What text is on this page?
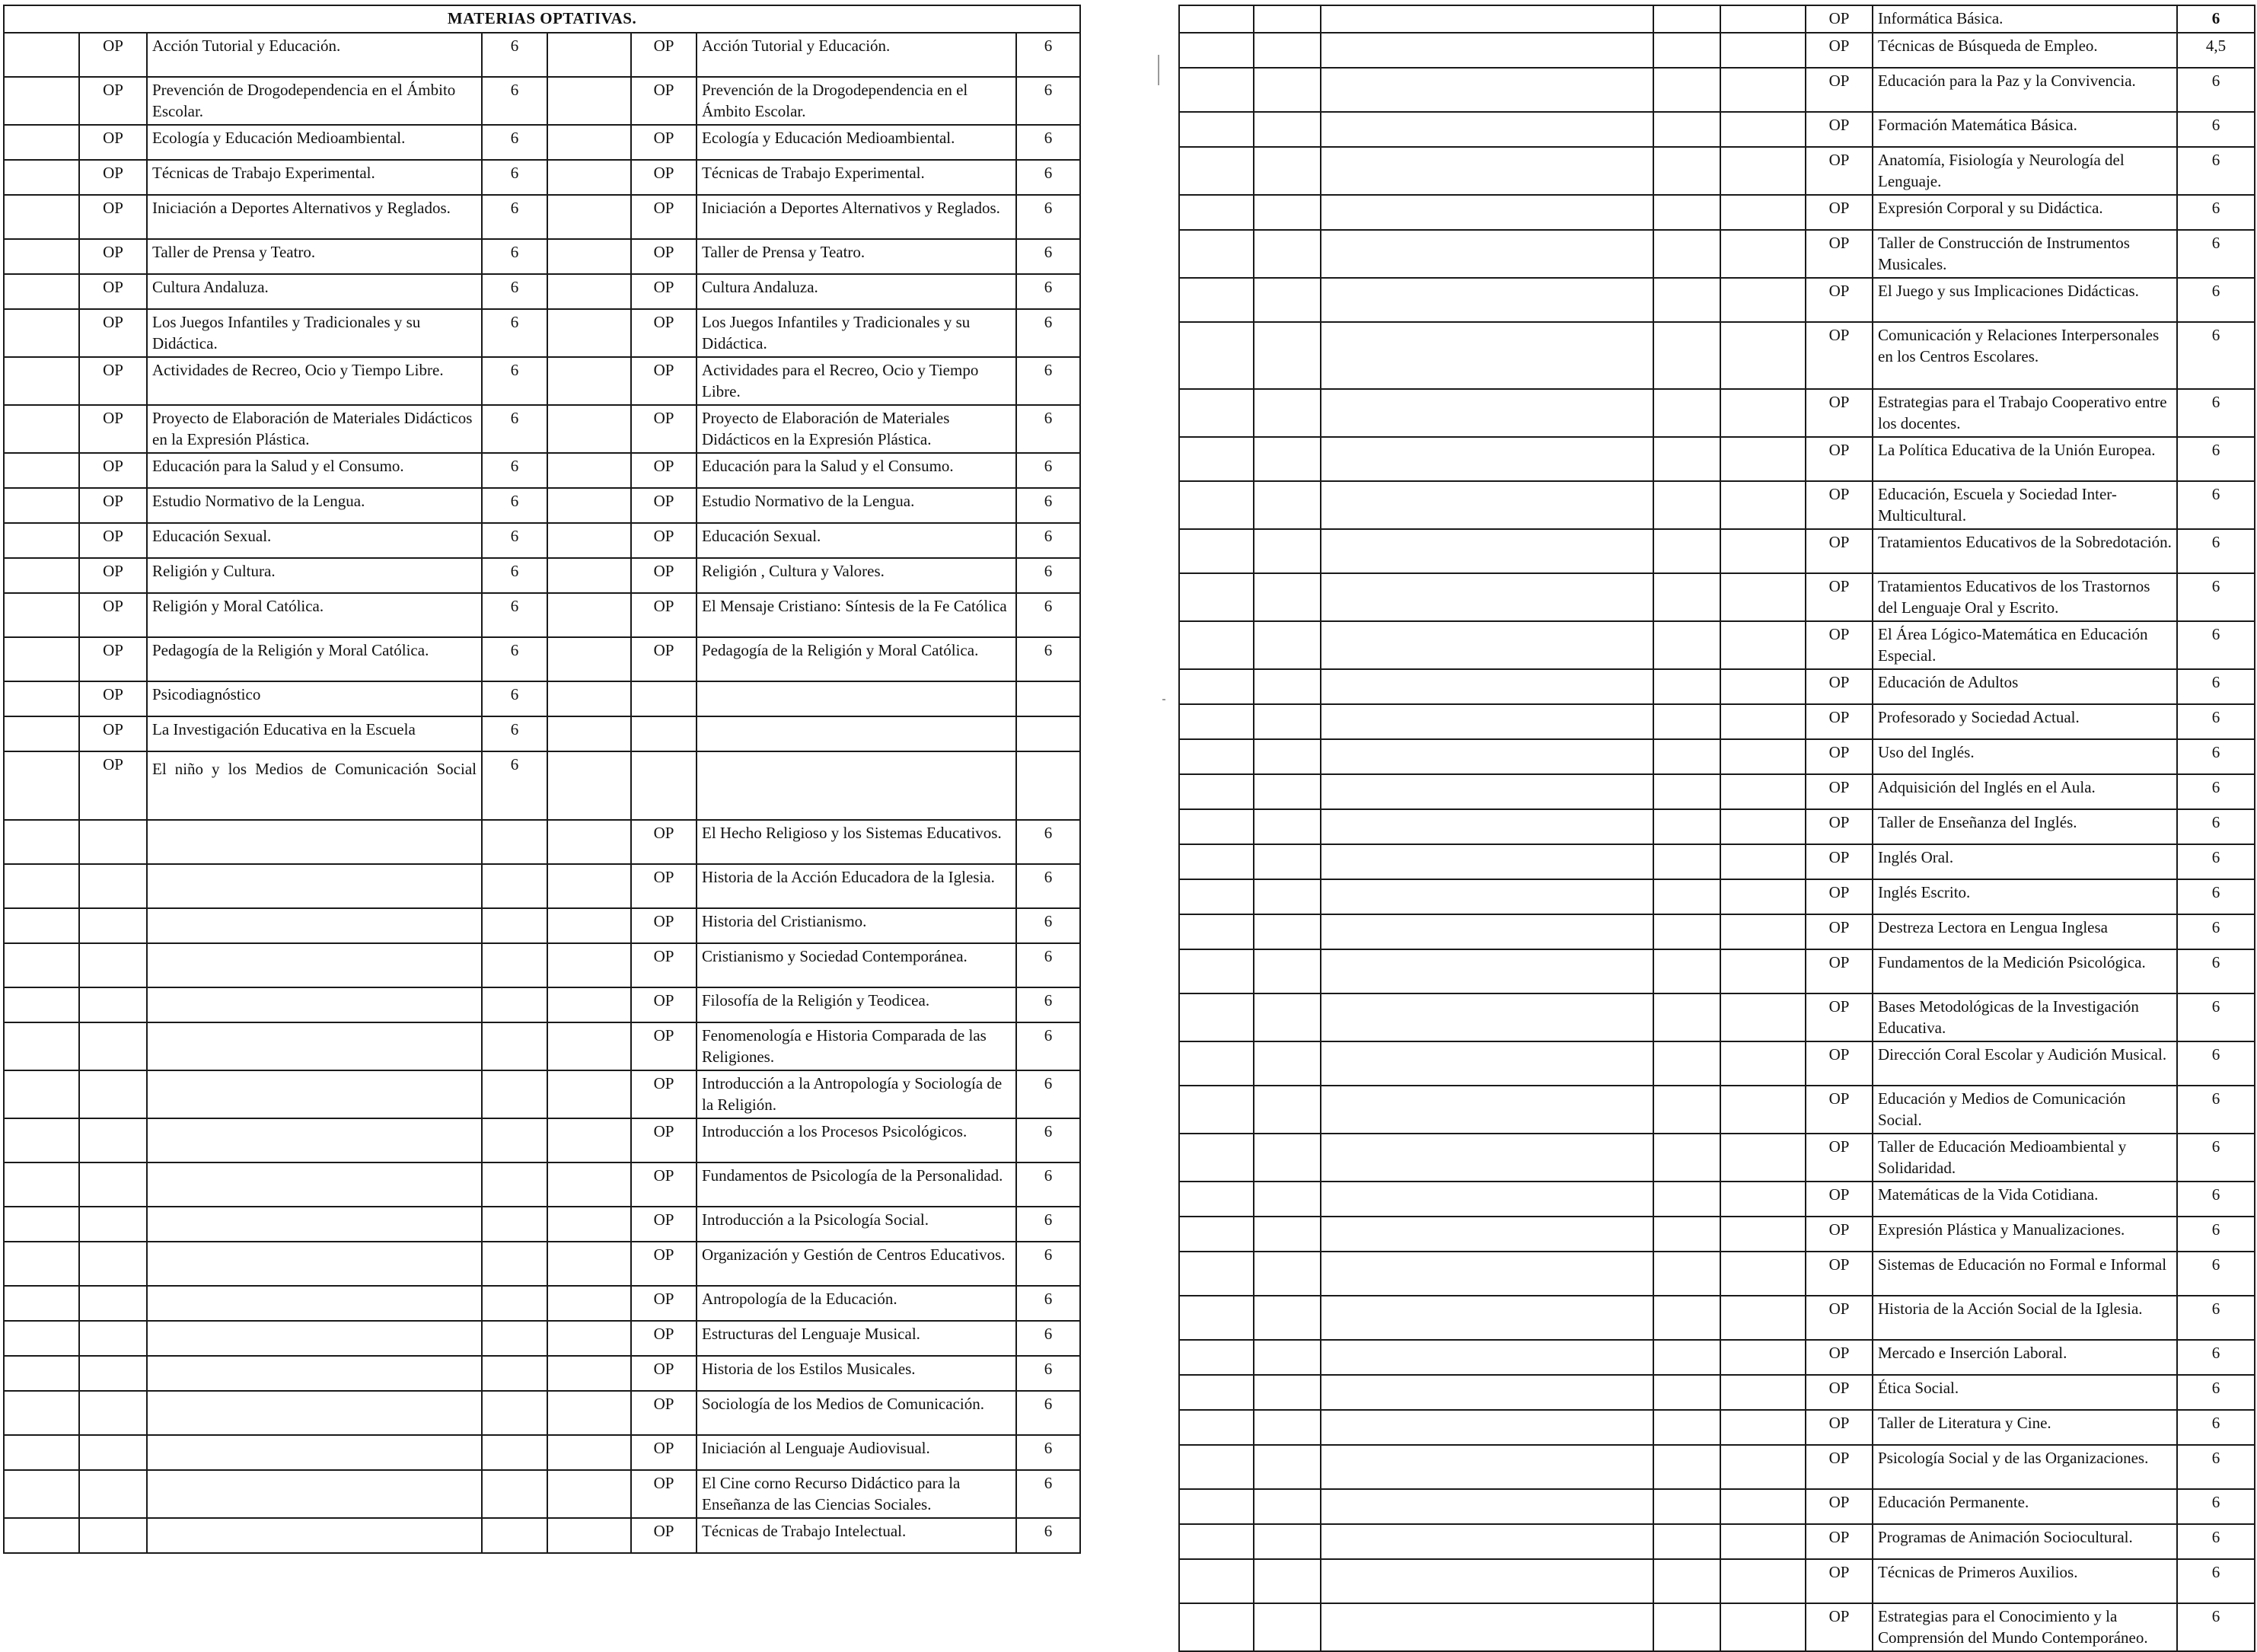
MATERIAS OPTATIVAS.							
	OP	Acción Tutorial y Educación.	6		OP	Acción Tutorial y Educación.	6
	OP	Prevención de Drogodependencia en el Ámbito Escolar.	6		OP	Prevención de la Drogodependencia en el Ámbito Escolar.	6
	OP	Ecología y Educación Medioambiental.	6		OP	Ecología y Educación Medioambiental.	6
	OP	Técnicas de Trabajo Experimental.	6		OP	Técnicas de Trabajo Experimental.	6
	OP	Iniciación a Deportes Alternativos y Reglados.	6		OP	Iniciación a Deportes Alternativos y Reglados.	6
	OP	Taller de Prensa y Teatro.	6		OP	Taller de Prensa y Teatro.	6
	OP	Cultura Andaluza.	6		OP	Cultura Andaluza.	6
	OP	Los Juegos Infantiles y Tradicionales y su Didáctica.	6		OP	Los Juegos Infantiles y Tradicionales y su Didáctica.	6
	OP	Actividades de Recreo, Ocio y Tiempo Libre.	6		OP	Actividades para el Recreo, Ocio y Tiempo Libre.	6
	OP	Proyecto de Elaboración de Materiales Didácticos en la Expresión Plástica.	6		OP	Proyecto de Elaboración de Materiales Didácticos en la Expresión Plástica.	6
	OP	Educación para la Salud y el Consumo.	6		OP	Educación para la Salud y el Consumo.	6
	OP	Estudio Normativo de la Lengua.	6		OP	Estudio Normativo de la Lengua.	6
	OP	Educación Sexual.	6		OP	Educación Sexual.	6
	OP	Religión y Cultura.	6		OP	Religión , Cultura y Valores.	6
	OP	Religión y Moral Católica.	6		OP	El Mensaje Cristiano: Síntesis de la Fe Católica	6
	OP	Pedagogía de la Religión y Moral Católica.	6		OP	Pedagogía de la Religión y Moral Católica.	6
	OP	Psicodiagnóstico	6				
	OP	La Investigación Educativa en la Escuela	6				
	OP	El niño y los Medios de Comunicación Social	6				
					OP	El Hecho Religioso y los Sistemas Educativos.	6
					OP	Historia de la Acción Educadora de la Iglesia.	6
					OP	Historia del Cristianismo.	6
					OP	Cristianismo y Sociedad Contemporánea.	6
					OP	Filosofía de la Religión y Teodicea.	6
					OP	Fenomenología e Historia Comparada de las Religiones.	6
					OP	Introducción a la Antropología y Sociología de la Religión.	6
					OP	Introducción a los Procesos Psicológicos.	6
					OP	Fundamentos de Psicología de la Personalidad.	6
					OP	Introducción a la Psicología Social.	6
					OP	Organización y Gestión de Centros Educativos.	6
					OP	Antropología de la Educación.	6
					OP	Estructuras del Lenguaje Musical.	6
					OP	Historia de los Estilos Musicales.	6
					OP	Sociología de los Medios de Comunicación.	6
					OP	Iniciación al Lenguaje Audiovisual.	6
					OP	El Cine corno Recurso Didáctico para la Enseñanza de las Ciencias Sociales.	6
					OP	Técnicas de Trabajo Intelectual.	6
					OP	Informática Básica.	6
					OP	Técnicas de Búsqueda de Empleo.	4,5
					OP	Educación para la Paz y la Convivencia.	6
					OP	Formación Matemática Básica.	6
					OP	Anatomía, Fisiología y Neurología del Lenguaje.	6
					OP	Expresión Corporal y su Didáctica.	6
					OP	Taller de Construcción de Instrumentos Musicales.	6
					OP	El Juego y sus Implicaciones Didácticas.	6
					OP	Comunicación y Relaciones Interpersonales en los Centros Escolares.	6
					OP	Estrategias para el Trabajo Cooperativo entre los docentes.	6
					OP	La Política Educativa de la Unión Europea.	6
					OP	Educación, Escuela y Sociedad Inter-Multicultural.	6
					OP	Tratamientos Educativos de la Sobredotación.	6
					OP	Tratamientos Educativos de los Trastornos del Lenguaje Oral y Escrito.	6
					OP	El Área Lógico-Matemática en Educación Especial.	6
					OP	Educación de Adultos	6
					OP	Profesorado y Sociedad Actual.	6
					OP	Uso del Inglés.	6
					OP	Adquisición del Inglés en el Aula.	6
					OP	Taller de Enseñanza del Inglés.	6
					OP	Inglés Oral.	6
					OP	Inglés Escrito.	6
					OP	Destreza Lectora en Lengua Inglesa	6
					OP	Fundamentos de la Medición Psicológica.	6
					OP	Bases Metodológicas de la Investigación Educativa.	6
					OP	Dirección Coral Escolar y Audición Musical.	6
					OP	Educación y Medios de Comunicación Social.	6
					OP	Taller de Educación Medioambiental y Solidaridad.	6
					OP	Matemáticas de la Vida Cotidiana.	6
					OP	Expresión Plástica y Manualizaciones.	6
					OP	Sistemas de Educación no Formal e Informal	6
					OP	Historia de la Acción Social de la Iglesia.	6
					OP	Mercado e Inserción Laboral.	6
					OP	Ética Social.	6
					OP	Taller de Literatura y Cine.	6
					OP	Psicología Social y de las Organizaciones.	6
					OP	Educación Permanente.	6
					OP	Programas de Animación Sociocultural.	6
					OP	Técnicas de Primeros Auxilios.	6
					OP	Estrategias para el Conocimiento y la Comprensión del Mundo Contemporáneo.	6
